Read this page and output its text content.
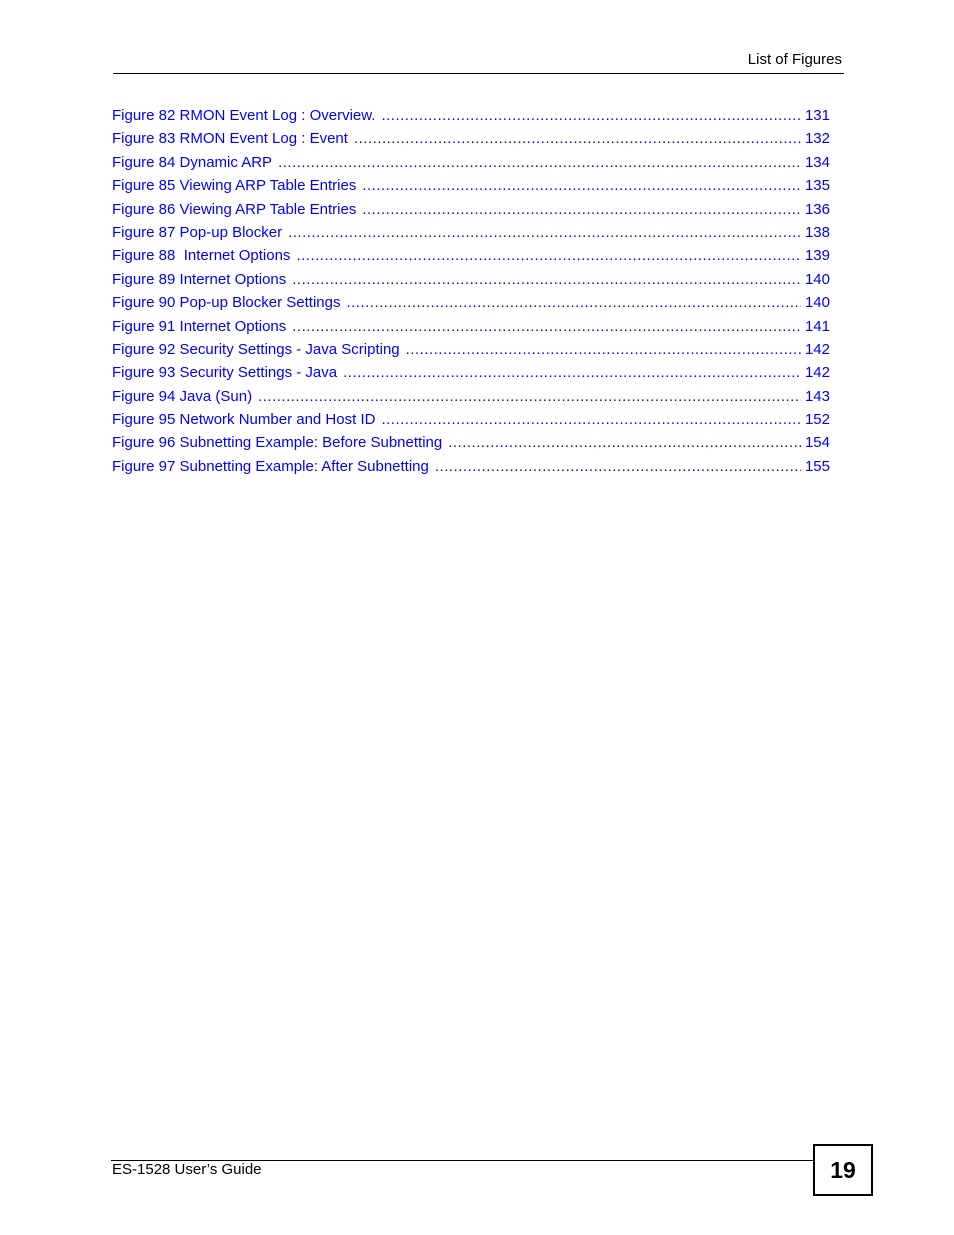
List of Figures
Figure 82 RMON Event Log : Overview. .....	131
Figure 83 RMON Event Log : Event .....	132
Figure 84 Dynamic ARP .....	134
Figure 85 Viewing ARP Table Entries .....	135
Figure 86 Viewing ARP Table Entries .....	136
Figure 87 Pop-up Blocker .....	138
Figure 88  Internet Options .....	139
Figure 89 Internet Options .....	140
Figure 90 Pop-up Blocker Settings .....	140
Figure 91 Internet Options .....	141
Figure 92 Security Settings - Java Scripting .....	142
Figure 93 Security Settings - Java .....	142
Figure 94 Java (Sun) .....	143
Figure 95 Network Number and Host ID .....	152
Figure 96 Subnetting Example: Before Subnetting .....	154
Figure 97 Subnetting Example: After Subnetting .....	155
ES-1528 User’s Guide	19
